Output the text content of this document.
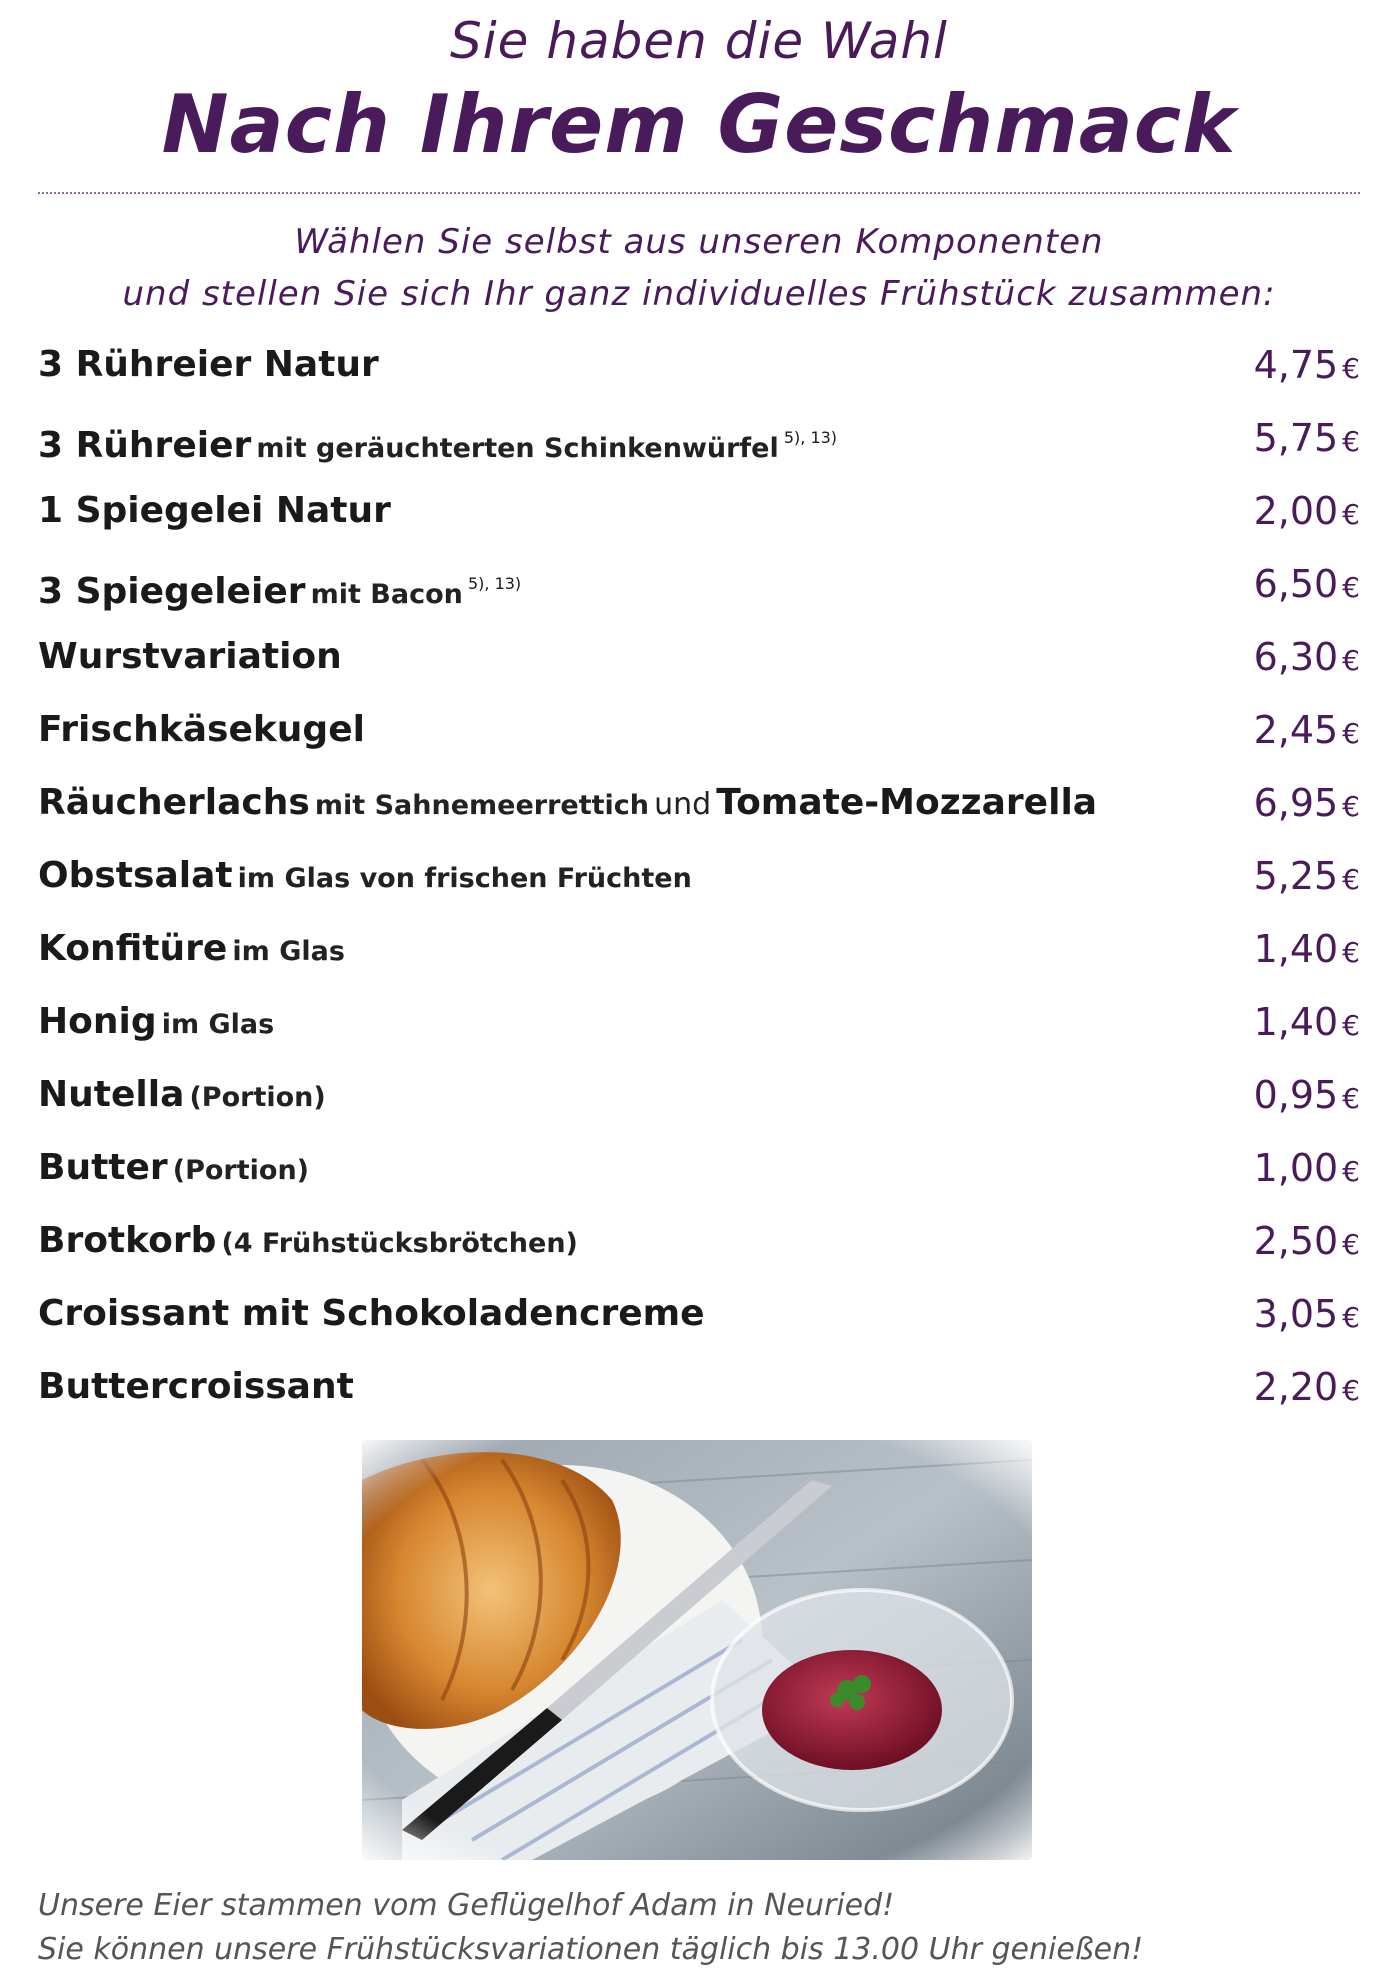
Sie haben die Wahl
Nach Ihrem Geschmack
Wählen Sie selbst aus unseren Komponenten
und stellen Sie sich Ihr ganz individuelles Frühstück zusammen:
3 Rühreier Natur	4,75 €
3 Rühreier mit geräuchterten Schinkenwürfel $^{5), 13)}$	5,75 €
1 Spiegelei Natur	2,00 €
3 Spiegeleier mit Bacon $^{5), 13)}$	6,50 €
Wurstvariation	6,30 €
Frischkäsekugel	2,45 €
Räucherlachs mit Sahnemeerrettich und Tomate-Mozzarella	6,95 €
Obstsalat im Glas von frischen Früchten	5,25 €
Konfitüre im Glas	1,40 €
Honig im Glas	1,40 €
Nutella (Portion)	0,95 €
Butter (Portion)	1,00 €
Brotkorb (4 Frühstücksbrötchen)	2,50 €
Croissant mit Schokoladencreme	3,05 €
Buttercroissant	2,20 €
Unsere Eier stammen vom Geflügelhof Adam in Neuried!
Sie können unsere Frühstücksvariationen täglich bis 13.00 Uhr genießen!
